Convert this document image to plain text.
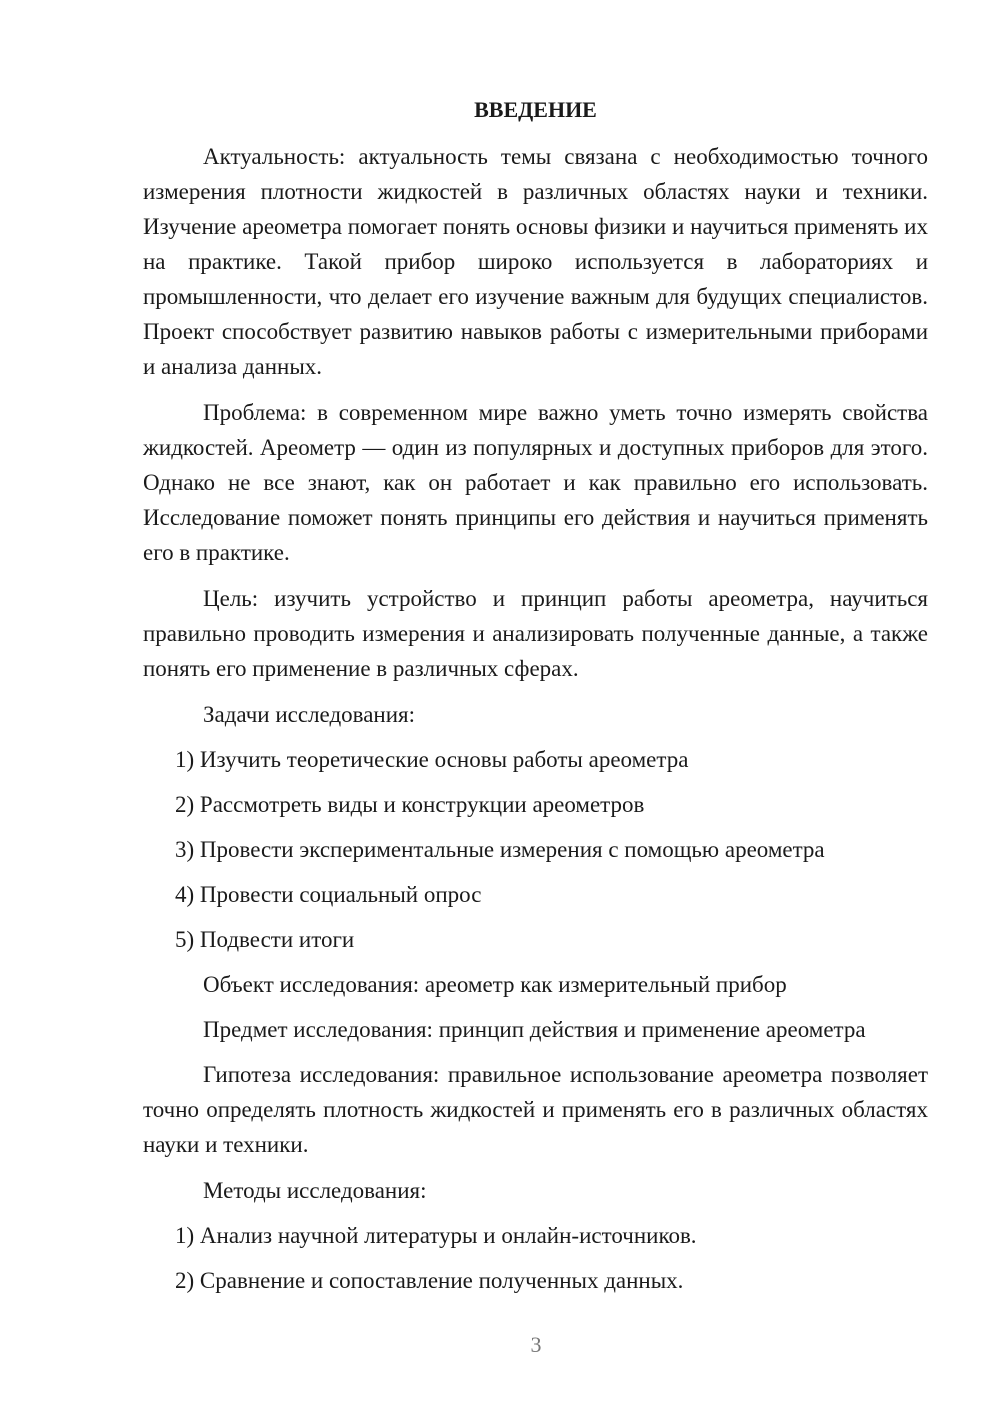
ВВЕДЕНИЕ

Актуальность: актуальность темы связана с необходимостью точного измерения плотности жидкостей в различных областях науки и техники. Изучение ареометра помогает понять основы физики и научиться применять их на практике. Такой прибор широко используется в лабораториях и промышленности, что делает его изучение важным для будущих специалистов. Проект способствует развитию навыков работы с измерительными приборами и анализа данных.

Проблема: в современном мире важно уметь точно измерять свойства жидкостей. Ареометр — один из популярных и доступных приборов для этого. Однако не все знают, как он работает и как правильно его использовать. Исследование поможет понять принципы его действия и научиться применять его в практике.

Цель: изучить устройство и принцип работы ареометра, научиться правильно проводить измерения и анализировать полученные данные, а также понять его применение в различных сферах.

Задачи исследования:

1) Изучить теоретические основы работы ареометра

2) Рассмотреть виды и конструкции ареометров

3) Провести экспериментальные измерения с помощью ареометра

4) Провести социальный опрос

5) Подвести итоги

Объект исследования: ареометр как измерительный прибор

Предмет исследования: принцип действия и применение ареометра

Гипотеза исследования: правильное использование ареометра позволяет точно определять плотность жидкостей и применять его в различных областях науки и техники.

Методы исследования:

1) Анализ научной литературы и онлайн-источников.

2) Сравнение и сопоставление полученных данных.

3
